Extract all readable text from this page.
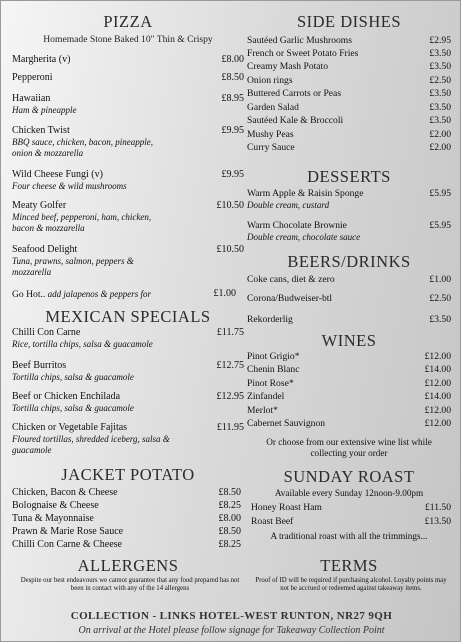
PIZZA
Homemade Stone Baked 10" Thin & Crispy
Margherita (v)	£8.00
Pepperoni	£8.50
Hawaiian	£8.95
Ham & pineapple
Chicken Twist	£9.95
BBQ sauce, chicken, bacon, pineapple, onion & mozzarella
Wild Cheese Fungi (v)	£9.95
Four cheese & wild mushrooms
Meaty Golfer	£10.50
Minced beef, pepperoni, ham, chicken, bacon & mozzarella
Seafood Delight	£10.50
Tuna, prawns, salmon, peppers & mozzarella
Go Hot.. add jalapenos & peppers for	£1.00
MEXICAN SPECIALS
Chilli Con Carne	£11.75
Rice, tortilla chips, salsa & guacamole
Beef Burritos	£12.75
Tortilla chips, salsa & guacamole
Beef or Chicken Enchilada	£12.95
Tortilla chips, salsa & guacamole
Chicken or Vegetable Fajitas	£11.95
Floured tortillas, shredded iceberg, salsa & guacamole
JACKET POTATO
Chicken, Bacon & Cheese	£8.50
Bolognaise & Cheese	£8.25
Tuna & Mayonnaise	£8.00
Prawn & Marie Rose Sauce	£8.50
Chilli Con Carne & Cheese	£8.25
ALLERGENS
Despite our best endeavours we cannot guarantee that any food prepared has not been in contact with any of the 14 allergens
SIDE DISHES
Sautéed Garlic Mushrooms	£2.95
French or Sweet Potato Fries	£3.50
Creamy Mash Potato	£3.50
Onion rings	£2.50
Buttered Carrots or Peas	£3.50
Garden Salad	£3.50
Sautéed Kale & Broccoli	£3.50
Mushy Peas	£2.00
Curry Sauce	£2.00
DESSERTS
Warm Apple & Raisin Sponge	£5.95
Double cream, custard
Warm Chocolate Brownie	£5.95
Double cream, chocolate sauce
BEERS/DRINKS
Coke cans, diet & zero	£1.00
Corona/Budweiser-btl	£2.50
Rekorderlig	£3.50
WINES
Pinot Grigio*	£12.00
Chenin Blanc	£14.00
Pinot Rose*	£12.00
Zinfandel	£14.00
Merlot*	£12.00
Cabernet Sauvignon	£12.00
Or choose from our extensive wine list while collecting your order
SUNDAY ROAST
Available every Sunday 12noon-9.00pm
Honey Roast Ham	£11.50
Roast Beef	£13.50
A traditional roast with all the trimmings...
TERMS
Proof of ID will be required if purchasing alcohol. Loyalty points may not be accrued or redeemed against takeaway items.
COLLECTION - LINKS HOTEL-WEST RUNTON, NR27 9QH
On arrival at the Hotel please follow signage for Takeaway Collection Point
